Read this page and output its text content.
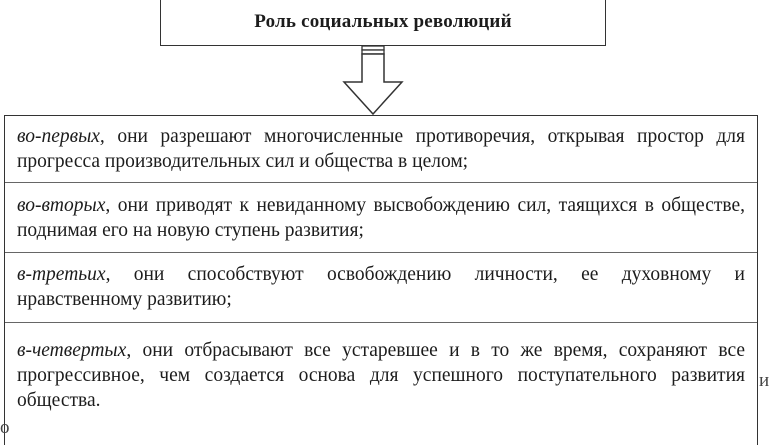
Роль социальных революций
во-первых, они разрешают многочисленные противоречия, открывая простор для прогресса производительных сил и общества в целом;
во-вторых, они приводят к невиданному высвобождению сил, таящихся в обществе, поднимая его на новую ступень развития;
в-третьих, они способствуют освобождению личности, ее духовному и нравственному развитию;
в-четвертых, они отбрасывают все устаревшее и в то же время, сохраняют все прогрессивное, чем создается основа для успешного поступательного развития общества.
о
и
